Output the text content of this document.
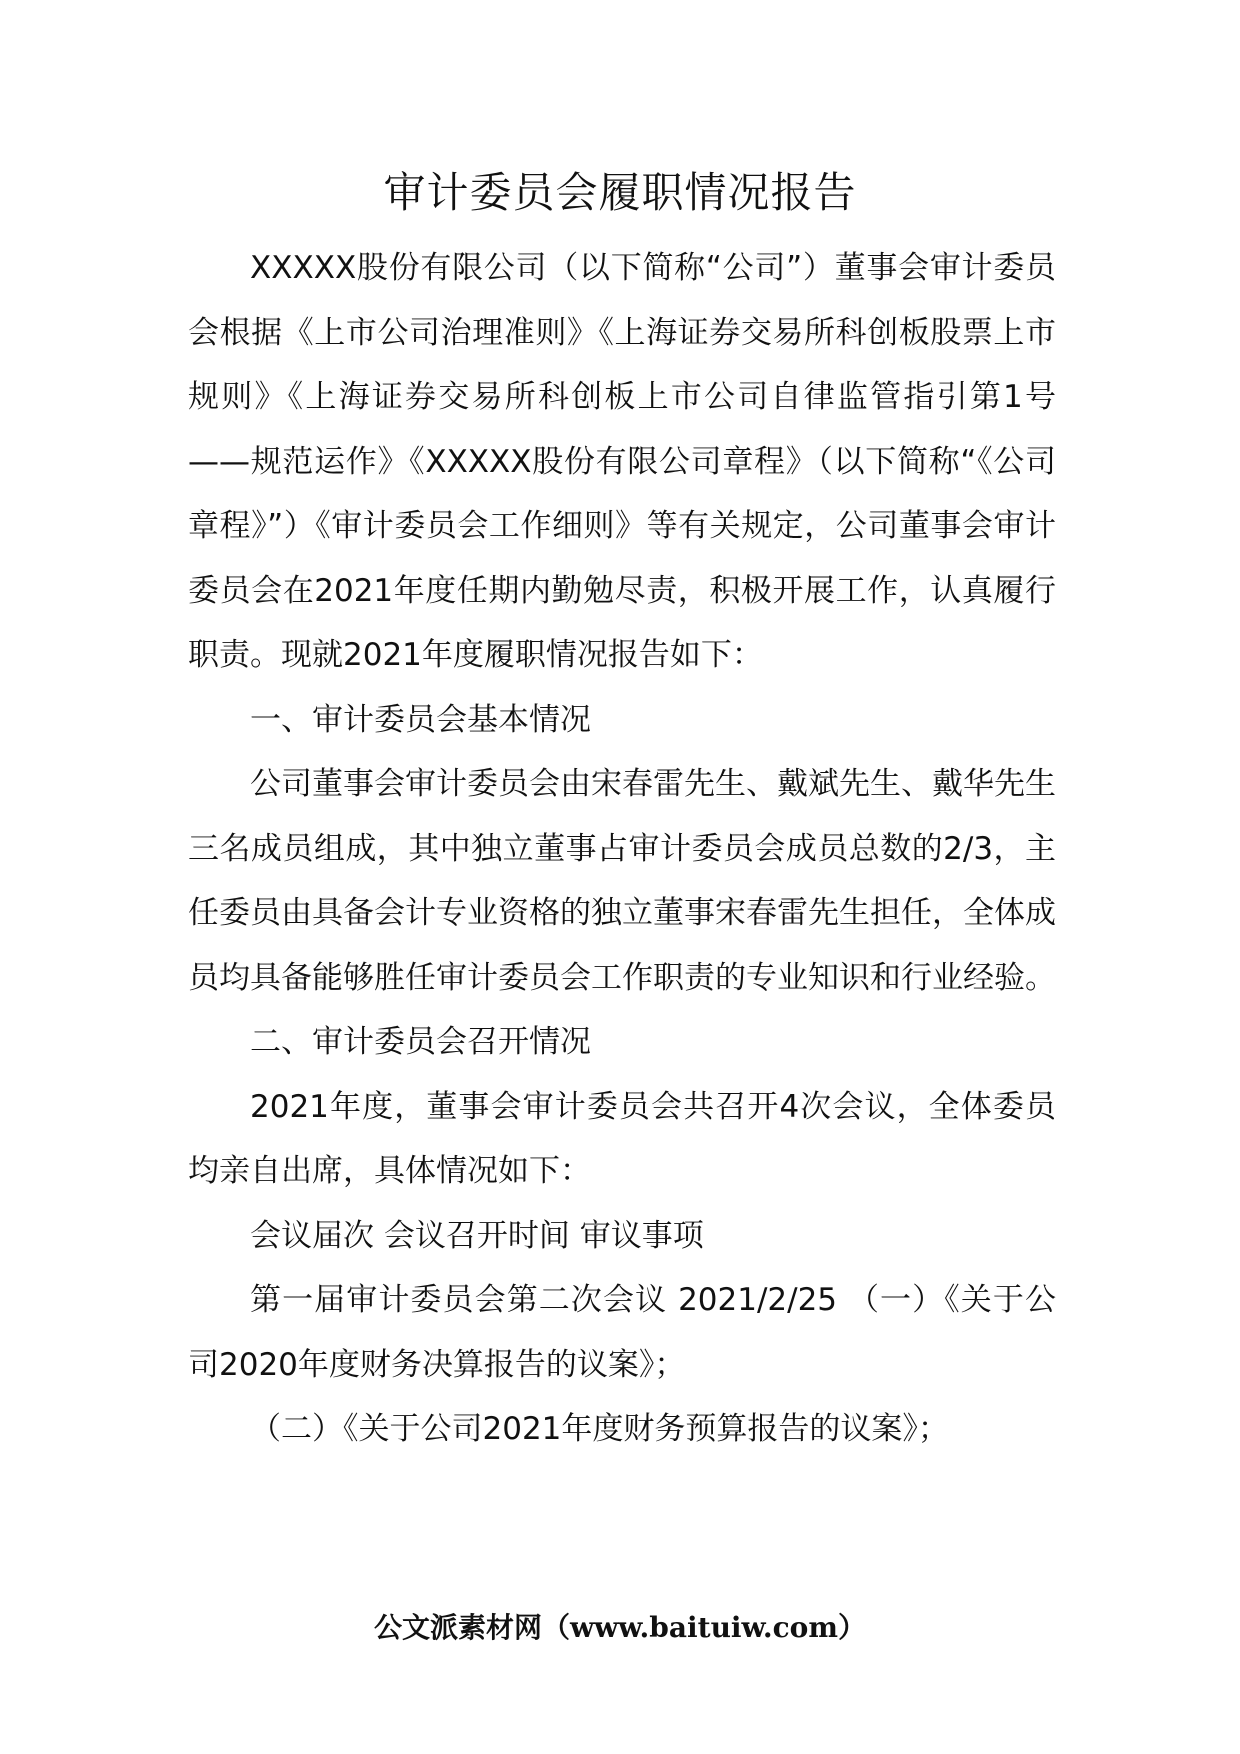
审计委员会履职情况报告

XXXXX股份有限公司（以下简称“公司”）董事会审计委员会根据《上市公司治理准则》《上海证券交易所科创板股票上市规则》《上海证券交易所科创板上市公司自律监管指引第1号——规范运作》《XXXXX股份有限公司章程》（以下简称“《公司章程》”）《审计委员会工作细则》等有关规定，公司董事会审计委员会在2021年度任期内勤勉尽责，积极开展工作，认真履行职责。现就2021年度履职情况报告如下：

一、审计委员会基本情况

公司董事会审计委员会由宋春雷先生、戴斌先生、戴华先生三名成员组成，其中独立董事占审计委员会成员总数的2/3，主任委员由具备会计专业资格的独立董事宋春雷先生担任，全体成员均具备能够胜任审计委员会工作职责的专业知识和行业经验。

二、审计委员会召开情况

2021年度，董事会审计委员会共召开4次会议，全体委员均亲自出席，具体情况如下：

会议届次 会议召开时间 审议事项

第一届审计委员会第二次会议 2021/2/25 （一）《关于公司2020年度财务决算报告的议案》；

（二）《关于公司2021年度财务预算报告的议案》；

公文派素材网（www.baituiw.com）
